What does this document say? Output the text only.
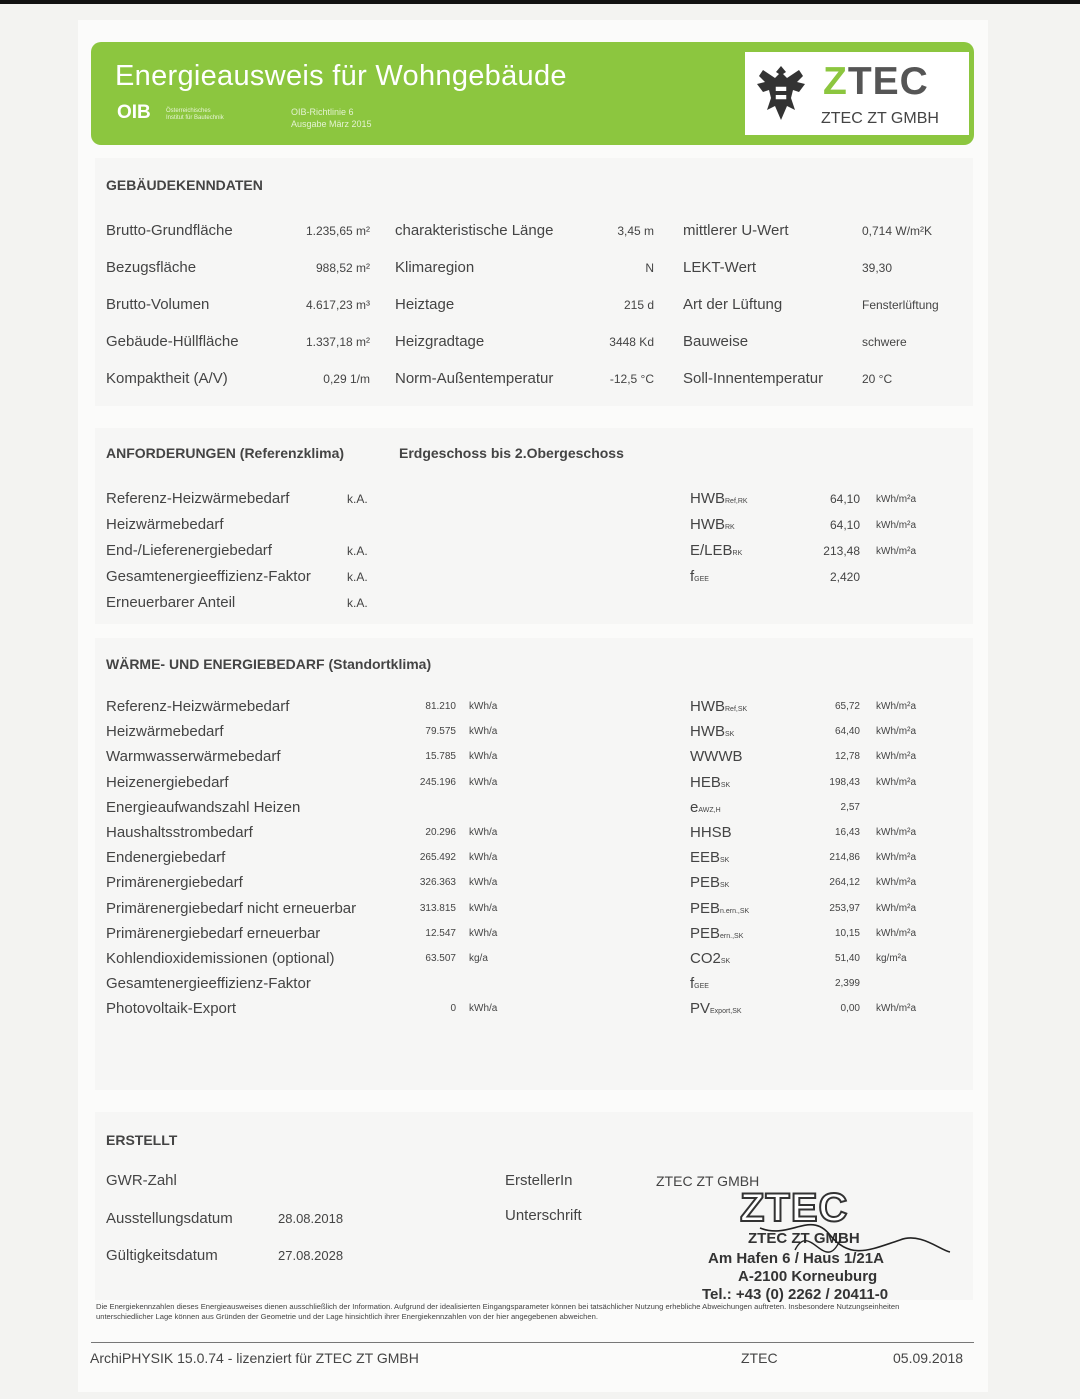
Energieausweis für Wohngebäude
OIB	Österreichisches Institut für Bautechnik
OIB-Richtlinie 6
Ausgabe März 2015
ZTEC
ZTEC ZT GMBH
GEBÄUDEKENNDATEN
Brutto-Grundfläche	1.235,65 m² charakteristische Länge	3,45 m mittlerer U-Wert	0,714 W/m²K
Bezugsfläche	988,52 m² Klimaregion	N LEKT-Wert	39,30
Brutto-Volumen	4.617,23 m³ Heiztage	215 d Art der Lüftung	Fensterlüftung
Gebäude-Hüllfläche	1.337,18 m² Heizgradtage	3448 Kd Bauweise	schwere
Kompaktheit (A/V)	0,29 1/m Norm-Außentemperatur	-12,5 °C Soll-Innentemperatur	20 °C
ANFORDERUNGEN (Referenzklima)	Erdgeschoss bis 2.Obergeschoss
Referenz-Heizwärmebedarf	k.A.	HWBRef,RK	64,10 kWh/m²a
Heizwärmebedarf	HWBRK	64,10 kWh/m²a
End-/Lieferenergiebedarf	k.A.	E/LEBRK	213,48 kWh/m²a
Gesamtenergieeffizienz-Faktor	k.A.	fGEE	2,420
Erneuerbarer Anteil	k.A.
WÄRME- UND ENERGIEBEDARF (Standortklima)
Referenz-Heizwärmebedarf	81.210 kWh/a	HWBRef,SK	65,72 kWh/m²a
Heizwärmebedarf	79.575 kWh/a	HWBSK	64,40 kWh/m²a
Warmwasserwärmebedarf	15.785 kWh/a	WWWB	12,78 kWh/m²a
Heizenergiebedarf	245.196 kWh/a	HEBSK	198,43 kWh/m²a
Energieaufwandszahl Heizen	eAWZ,H	2,57
Haushaltsstrombedarf	20.296 kWh/a	HHSB	16,43 kWh/m²a
Endenergiebedarf	265.492 kWh/a	EEBSK	214,86 kWh/m²a
Primärenergiebedarf	326.363 kWh/a	PEBSK	264,12 kWh/m²a
Primärenergiebedarf nicht erneuerbar	313.815 kWh/a	PEBn.ern.,SK	253,97 kWh/m²a
Primärenergiebedarf erneuerbar	12.547 kWh/a	PEBern.,SK	10,15 kWh/m²a
Kohlendioxidemissionen (optional)	63.507 kg/a	CO2SK	51,40 kg/m²a
Gesamtenergieeffizienz-Faktor	fGEE	2,399
Photovoltaik-Export	0 kWh/a	PVExport,SK	0,00 kWh/m²a
ERSTELLT
GWR-Zahl
Ausstellungsdatum	28.08.2018
Gültigkeitsdatum	27.08.2028
ErstellerIn	ZTEC ZT GMBH
Unterschrift	ZTEC
ZTEC ZT GMBH
Am Hafen 6 / Haus 1/21A
A-2100 Korneuburg
Tel.: +43 (0) 2262 / 20411-0
Die Energiekennzahlen dieses Energieausweises dienen ausschließlich der Information. Aufgrund der idealisierten Eingangsparameter können bei tatsächlicher Nutzung erhebliche Abweichungen auftreten. Insbesondere Nutzungseinheiten unterschiedlicher Lage können aus Gründen der Geometrie und der Lage hinsichtlich ihrer Energiekennzahlen von der hier angegebenen abweichen.
ArchiPHYSIK 15.0.74 - lizenziert für ZTEC ZT GMBH	ZTEC	05.09.2018
